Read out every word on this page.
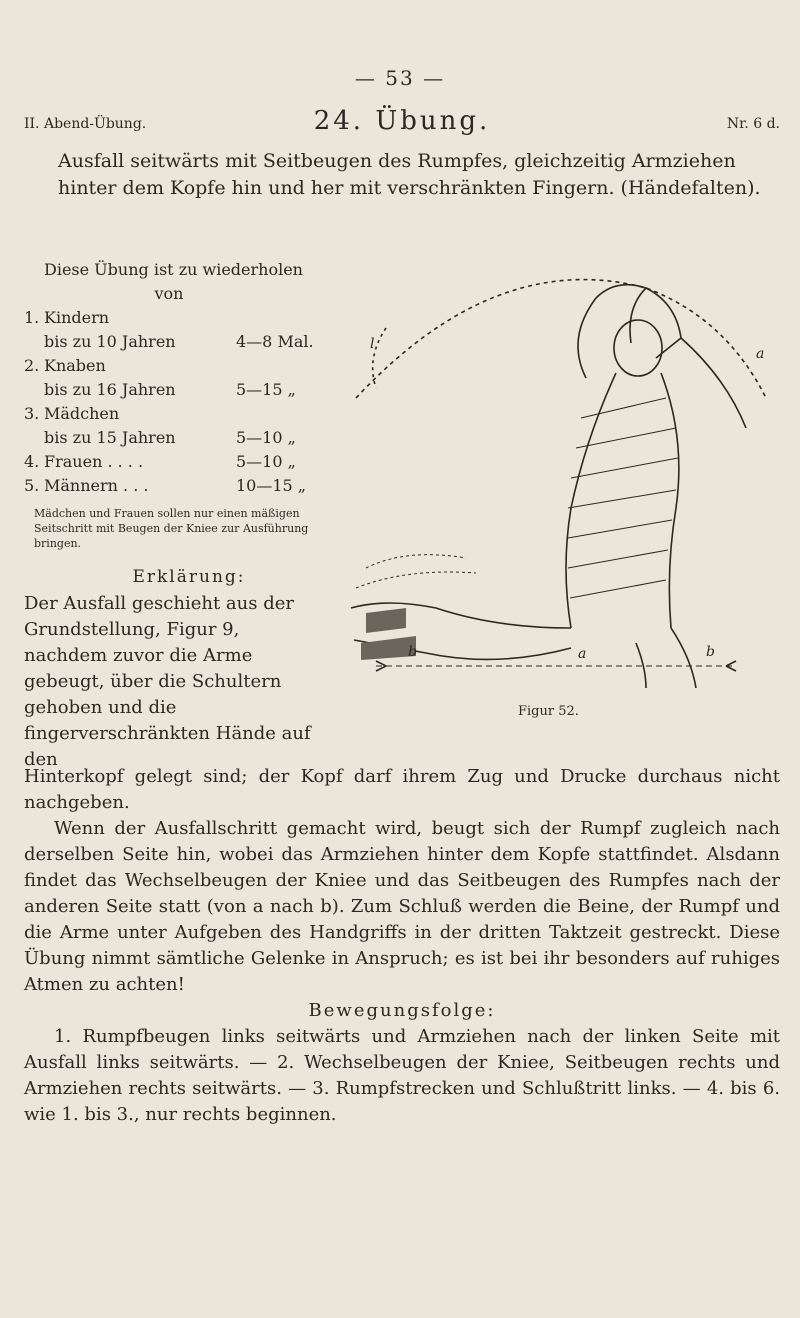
— 53 —
II. Abend-Übung.	24. Übung.	Nr. 6 d.
Ausfall seitwärts mit Seitbeugen des Rumpfes, gleichzeitig Armziehen hinter dem Kopfe hin und her mit verschränkten Fingern. (Händefalten).
Diese Übung ist zu wiederholen
von
1. Kindern
bis zu 10 Jahren	4—8 Mal.
2. Knaben
bis zu 16 Jahren	5—15 „
3. Mädchen
bis zu 15 Jahren	5—10 „
4. Frauen . . . .	5—10 „
5. Männern . . .	10—15 „
Mädchen und Frauen sollen nur einen mäßigen Seitschritt mit Beugen der Kniee zur Ausführung bringen.
Erklärung:
Der Ausfall geschieht aus der Grundstellung, Figur 9, nachdem zuvor die Arme gebeugt, über die Schultern gehoben und die fingerverschränkten Hände auf den
a
a
b	b
l
Figur 52.

Hinterkopf gelegt sind; der Kopf darf ihrem Zug und Drucke durchaus nicht nachgeben.

Wenn der Ausfallschritt gemacht wird, beugt sich der Rumpf zugleich nach derselben Seite hin, wobei das Armziehen hinter dem Kopfe stattfindet. Alsdann findet das Wechselbeugen der Kniee und das Seitbeugen des Rumpfes nach der anderen Seite statt (von a nach b). Zum Schluß werden die Beine, der Rumpf und die Arme unter Aufgeben des Handgriffs in der dritten Taktzeit gestreckt. Diese Übung nimmt sämtliche Gelenke in Anspruch; es ist bei ihr besonders auf ruhiges Atmen zu achten!

Bewegungsfolge:

1. Rumpfbeugen links seitwärts und Armziehen nach der linken Seite mit Ausfall links seitwärts. — 2. Wechselbeugen der Kniee, Seitbeugen rechts und Armziehen rechts seitwärts. — 3. Rumpfstrecken und Schlußtritt links. — 4. bis 6. wie 1. bis 3., nur rechts beginnen.
